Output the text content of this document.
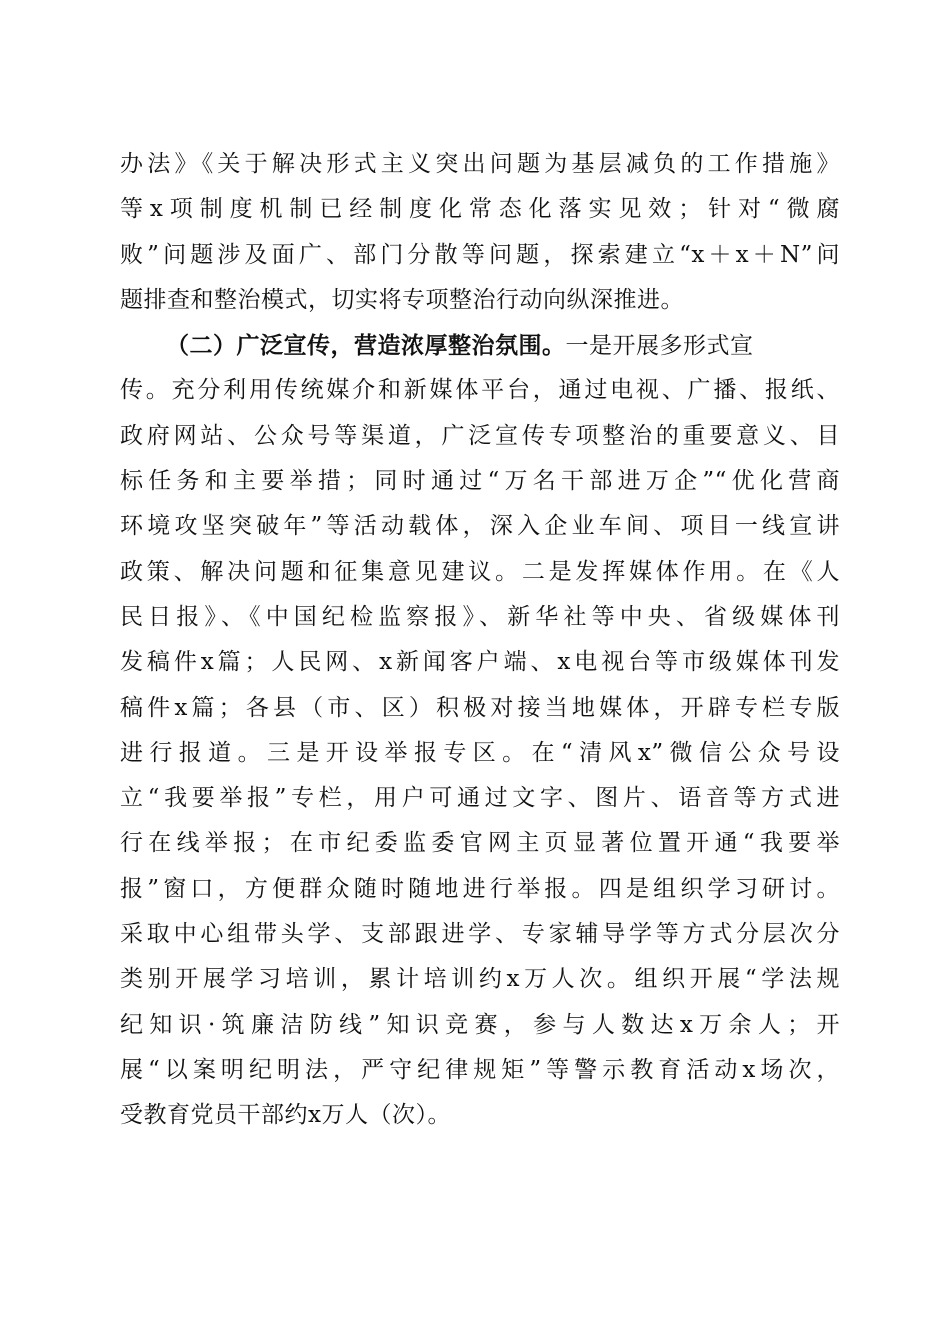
办法》《关于解决形式主义突出问题为基层减负的工作措施》
等x项制度机制已经制度化常态化落实见效；针对“微腐
败”问题涉及面广、部门分散等问题，探索建立“x＋x＋N”问
题排查和整治模式，切实将专项整治行动向纵深推进。
（二）广泛宣传，营造浓厚整治氛围。一是开展多形式宣
传。充分利用传统媒介和新媒体平台，通过电视、广播、报纸、
政府网站、公众号等渠道，广泛宣传专项整治的重要意义、目
标任务和主要举措；同时通过“万名干部进万企”“优化营商
环境攻坚突破年”等活动载体，深入企业车间、项目一线宣讲
政策、解决问题和征集意见建议。二是发挥媒体作用。在《人
民日报》、《中国纪检监察报》、新华社等中央、省级媒体刊
发稿件x篇；人民网、x新闻客户端、x电视台等市级媒体刊发
稿件x篇；各县（市、区）积极对接当地媒体，开辟专栏专版
进行报道。三是开设举报专区。在“清风x”微信公众号设
立“我要举报”专栏，用户可通过文字、图片、语音等方式进
行在线举报；在市纪委监委官网主页显著位置开通“我要举
报”窗口，方便群众随时随地进行举报。四是组织学习研讨。
采取中心组带头学、支部跟进学、专家辅导学等方式分层次分
类别开展学习培训，累计培训约x万人次。组织开展“学法规
纪知识·筑廉洁防线”知识竞赛，参与人数达x万余人；开
展“以案明纪明法，严守纪律规矩”等警示教育活动x场次，
受教育党员干部约x万人（次）。
